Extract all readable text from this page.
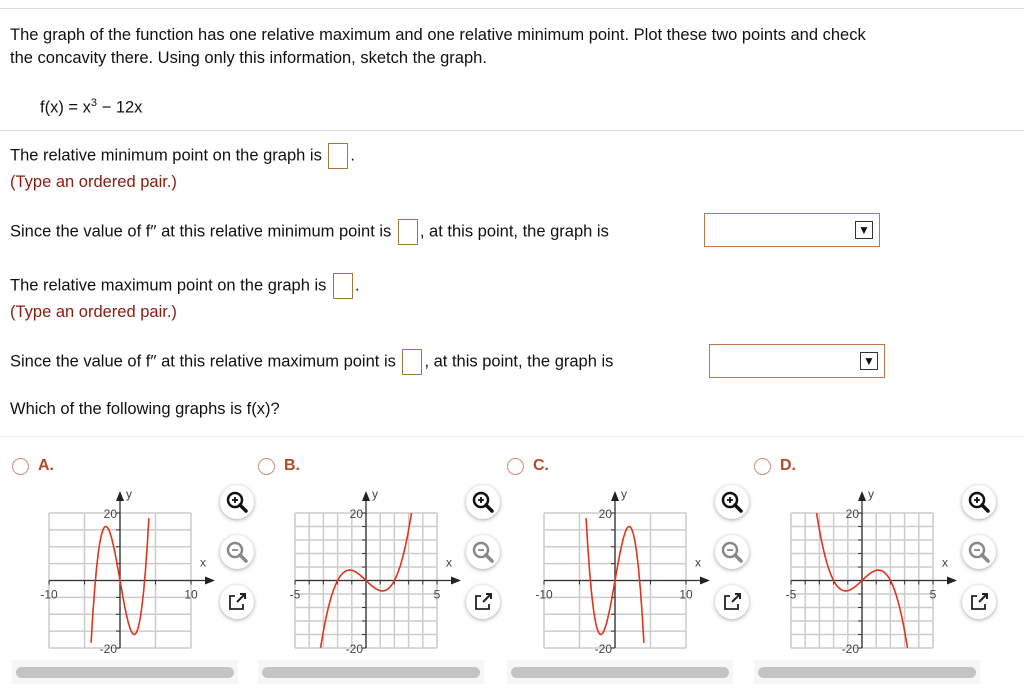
The graph of the function has one relative maximum and one relative minimum point. Plot these two points and check
the concavity there. Using only this information, sketch the graph.
$f(x) = x^3 - 12x$
The relative minimum point on the graph is .
(Type an ordered pair.)
Since the value of f′′ at this relative minimum point is , at this point, the graph is	▼
The relative maximum point on the graph is .
(Type an ordered pair.)
Since the value of f′′ at this relative maximum point is , at this point, the graph is	▼
Which of the following graphs is f(x)?
A.
-10	10
20
-20
x
y
B.
-5	5
20
-20
x
y
C.
-10	10
20
-20
x
y
D.
-5	5
20
-20
x
y
